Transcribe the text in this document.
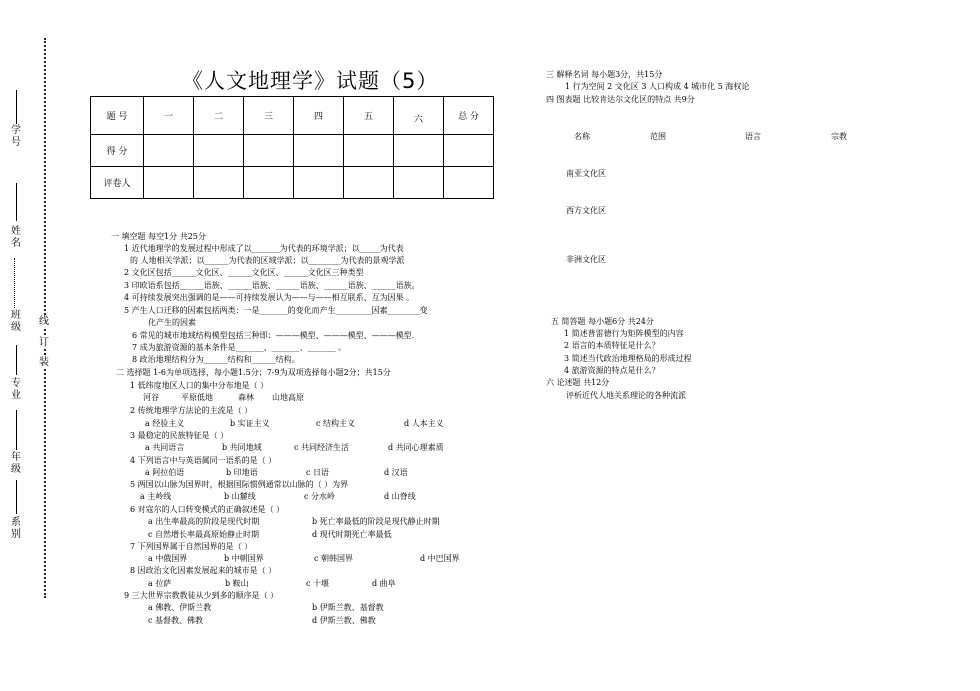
学号
姓名
班级
线
订
装
专业
年级
系别
《人文地理学》试题（5）
题 号	一	二	三	四	五	六	总 分
得 分							
评卷人							
一 填空题 每空1分 共25分
1 近代地理学的发展过程中形成了以_______为代表的环境学派；以_____为代表
的 人地相关学派；以______为代表的区域学派；以________为代表的景观学派
2 文化区包括______文化区、______文化区、______文化区三种类型
3 印欧语系包括______语族、______语族、______语族、______语族、______语族。
4 可持续发展突出强调的是——可持续发展认为——与——相互联系、互为因果 。
5 产生人口迁移的因素包括两类：一是_______的变化而产生_________因素________变
化产生的因素
6 常见的城市地域结构模型包括三种即：———模型、———模型、———模型.
7 成为旅游资源的基本条件是_______、_______、_______ 。
8 政治地理结构分为______结构和______结构。
二 选择题 1-6为单项选择，每小题1.5分；7-9为双项选择每小题2分；共15分
1 低纬度地区人口的集中分布地是（ ）
河谷	平原低地	森林 山地高原
2 传统地理学方法论的主流是（ ）
a 经验主义	b 实证主义	c 结构主义	d 人本主义
3 最稳定的民族特征是（ ）
a 共同语言	b 共同地域	c 共同经济生活	d 共同心理素质
4 下列语言中与英语属同一语系的是（ ）
a 阿拉伯语	b 印地语	c 日语	d 汉语
5 两国以山脉为国界时，根据国际惯例通常以山脉的（ ）为界
a 主岭线	b 山麓线	c 分水岭	d 山脊线
6 对寇尔的人口转变模式的正确叙述是（ ）
a 出生率最高的阶段是现代时期	b 死亡率最低的阶段是现代静止时期
c 自然增长率最高原始静止时期	d 现代时期死亡率最低
7 下列国界属于自然国界的是（ ）
a 中俄国界	b 中朝国界	c 朝韩国界	d 中巴国界
8 因政治文化因素发展起来的城市是（ ）
a 拉萨	b 鞍山	c 十堰	d 曲阜
9 三大世界宗教教徒从少到多的顺序是（ ）
a 佛教、伊斯兰教	b 伊斯兰教、基督教
c 基督教、佛教	d 伊斯兰教、佛教
三 解释名词 每小题3分，共15分
1 行为空间 2 文化区 3 人口构成 4 城市化 5 海权论
四 图表题 比较肯达尔文化区的特点 共9分
名称	范围	语言	宗教
南亚文化区
西方文化区
非洲文化区
五 简答题 每小题6分 共24分
1 简述普雷德行为矩阵模型的内容
2 语言的本质特征是什么？
3 简述当代政治地理格局的形成过程
4 旅游资源的特点是什么？
六 论述题 共12分
评析近代人地关系理论的各种流派
